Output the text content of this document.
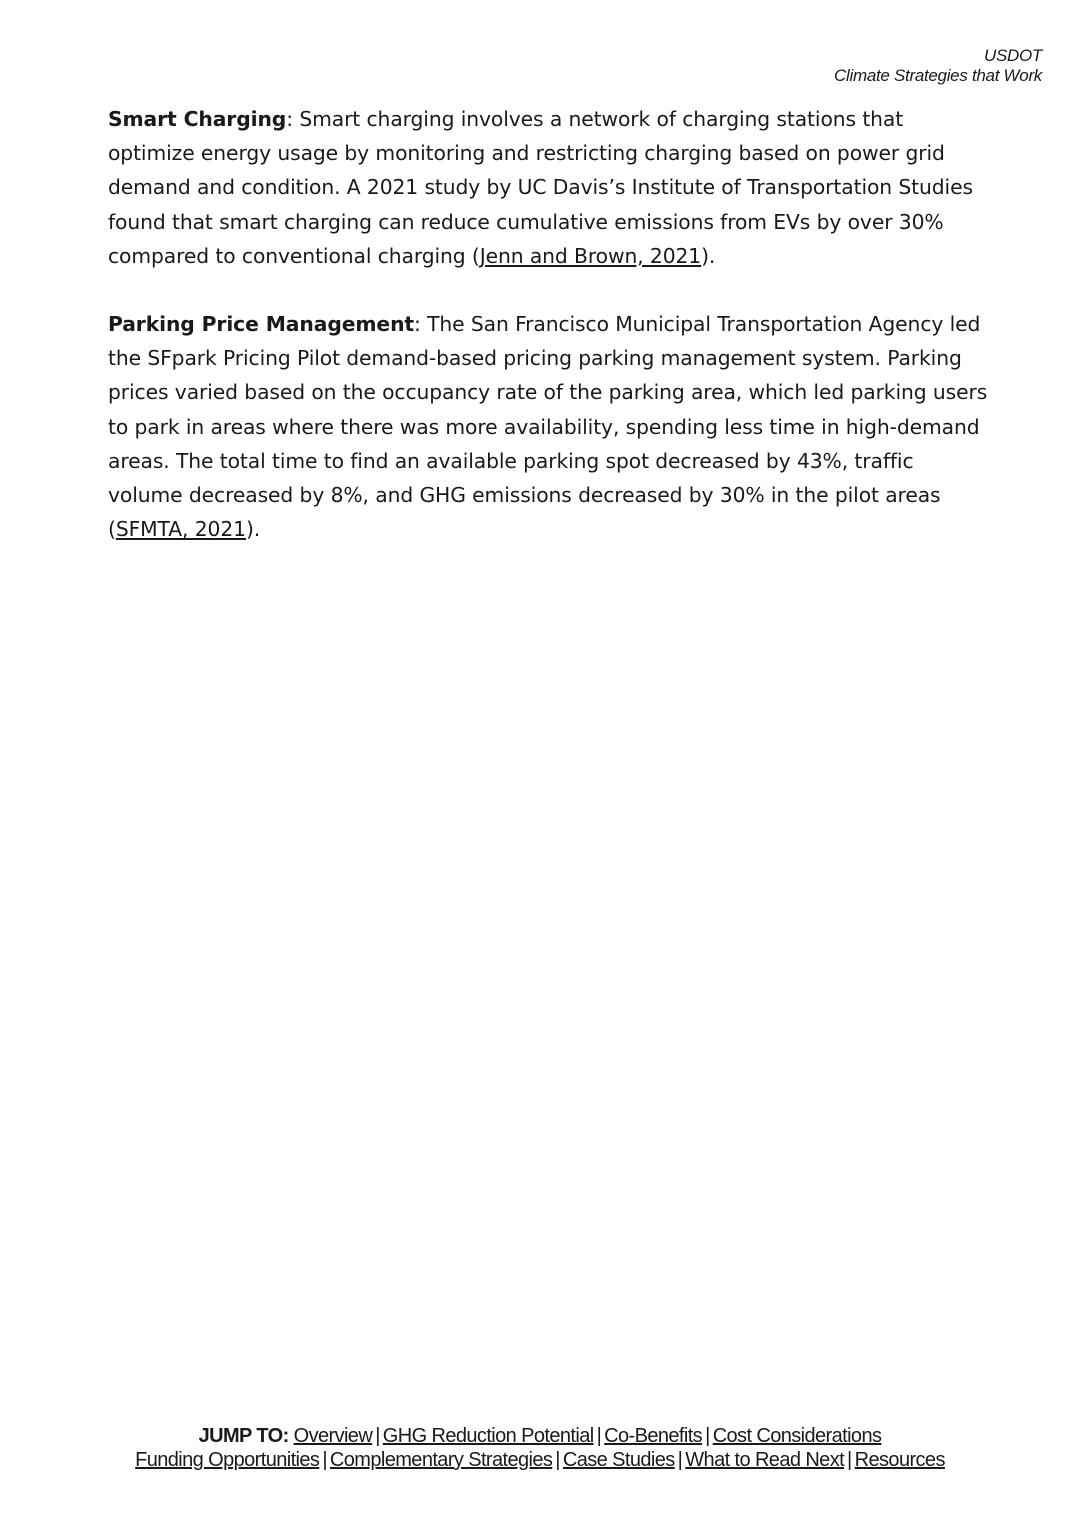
USDOT
Climate Strategies that Work

Smart Charging: Smart charging involves a network of charging stations that optimize energy usage by monitoring and restricting charging based on power grid demand and condition. A 2021 study by UC Davis’s Institute of Transportation Studies found that smart charging can reduce cumulative emissions from EVs by over 30% compared to conventional charging (Jenn and Brown, 2021).

Parking Price Management: The San Francisco Municipal Transportation Agency led the SFpark Pricing Pilot demand-based pricing parking management system. Parking prices varied based on the occupancy rate of the parking area, which led parking users to park in areas where there was more availability, spending less time in high-demand areas. The total time to find an available parking spot decreased by 43%, traffic volume decreased by 8%, and GHG emissions decreased by 30% in the pilot areas (SFMTA, 2021).

JUMP TO: Overview | GHG Reduction Potential | Co-Benefits | Cost Considerations
Funding Opportunities | Complementary Strategies | Case Studies | What to Read Next | Resources
